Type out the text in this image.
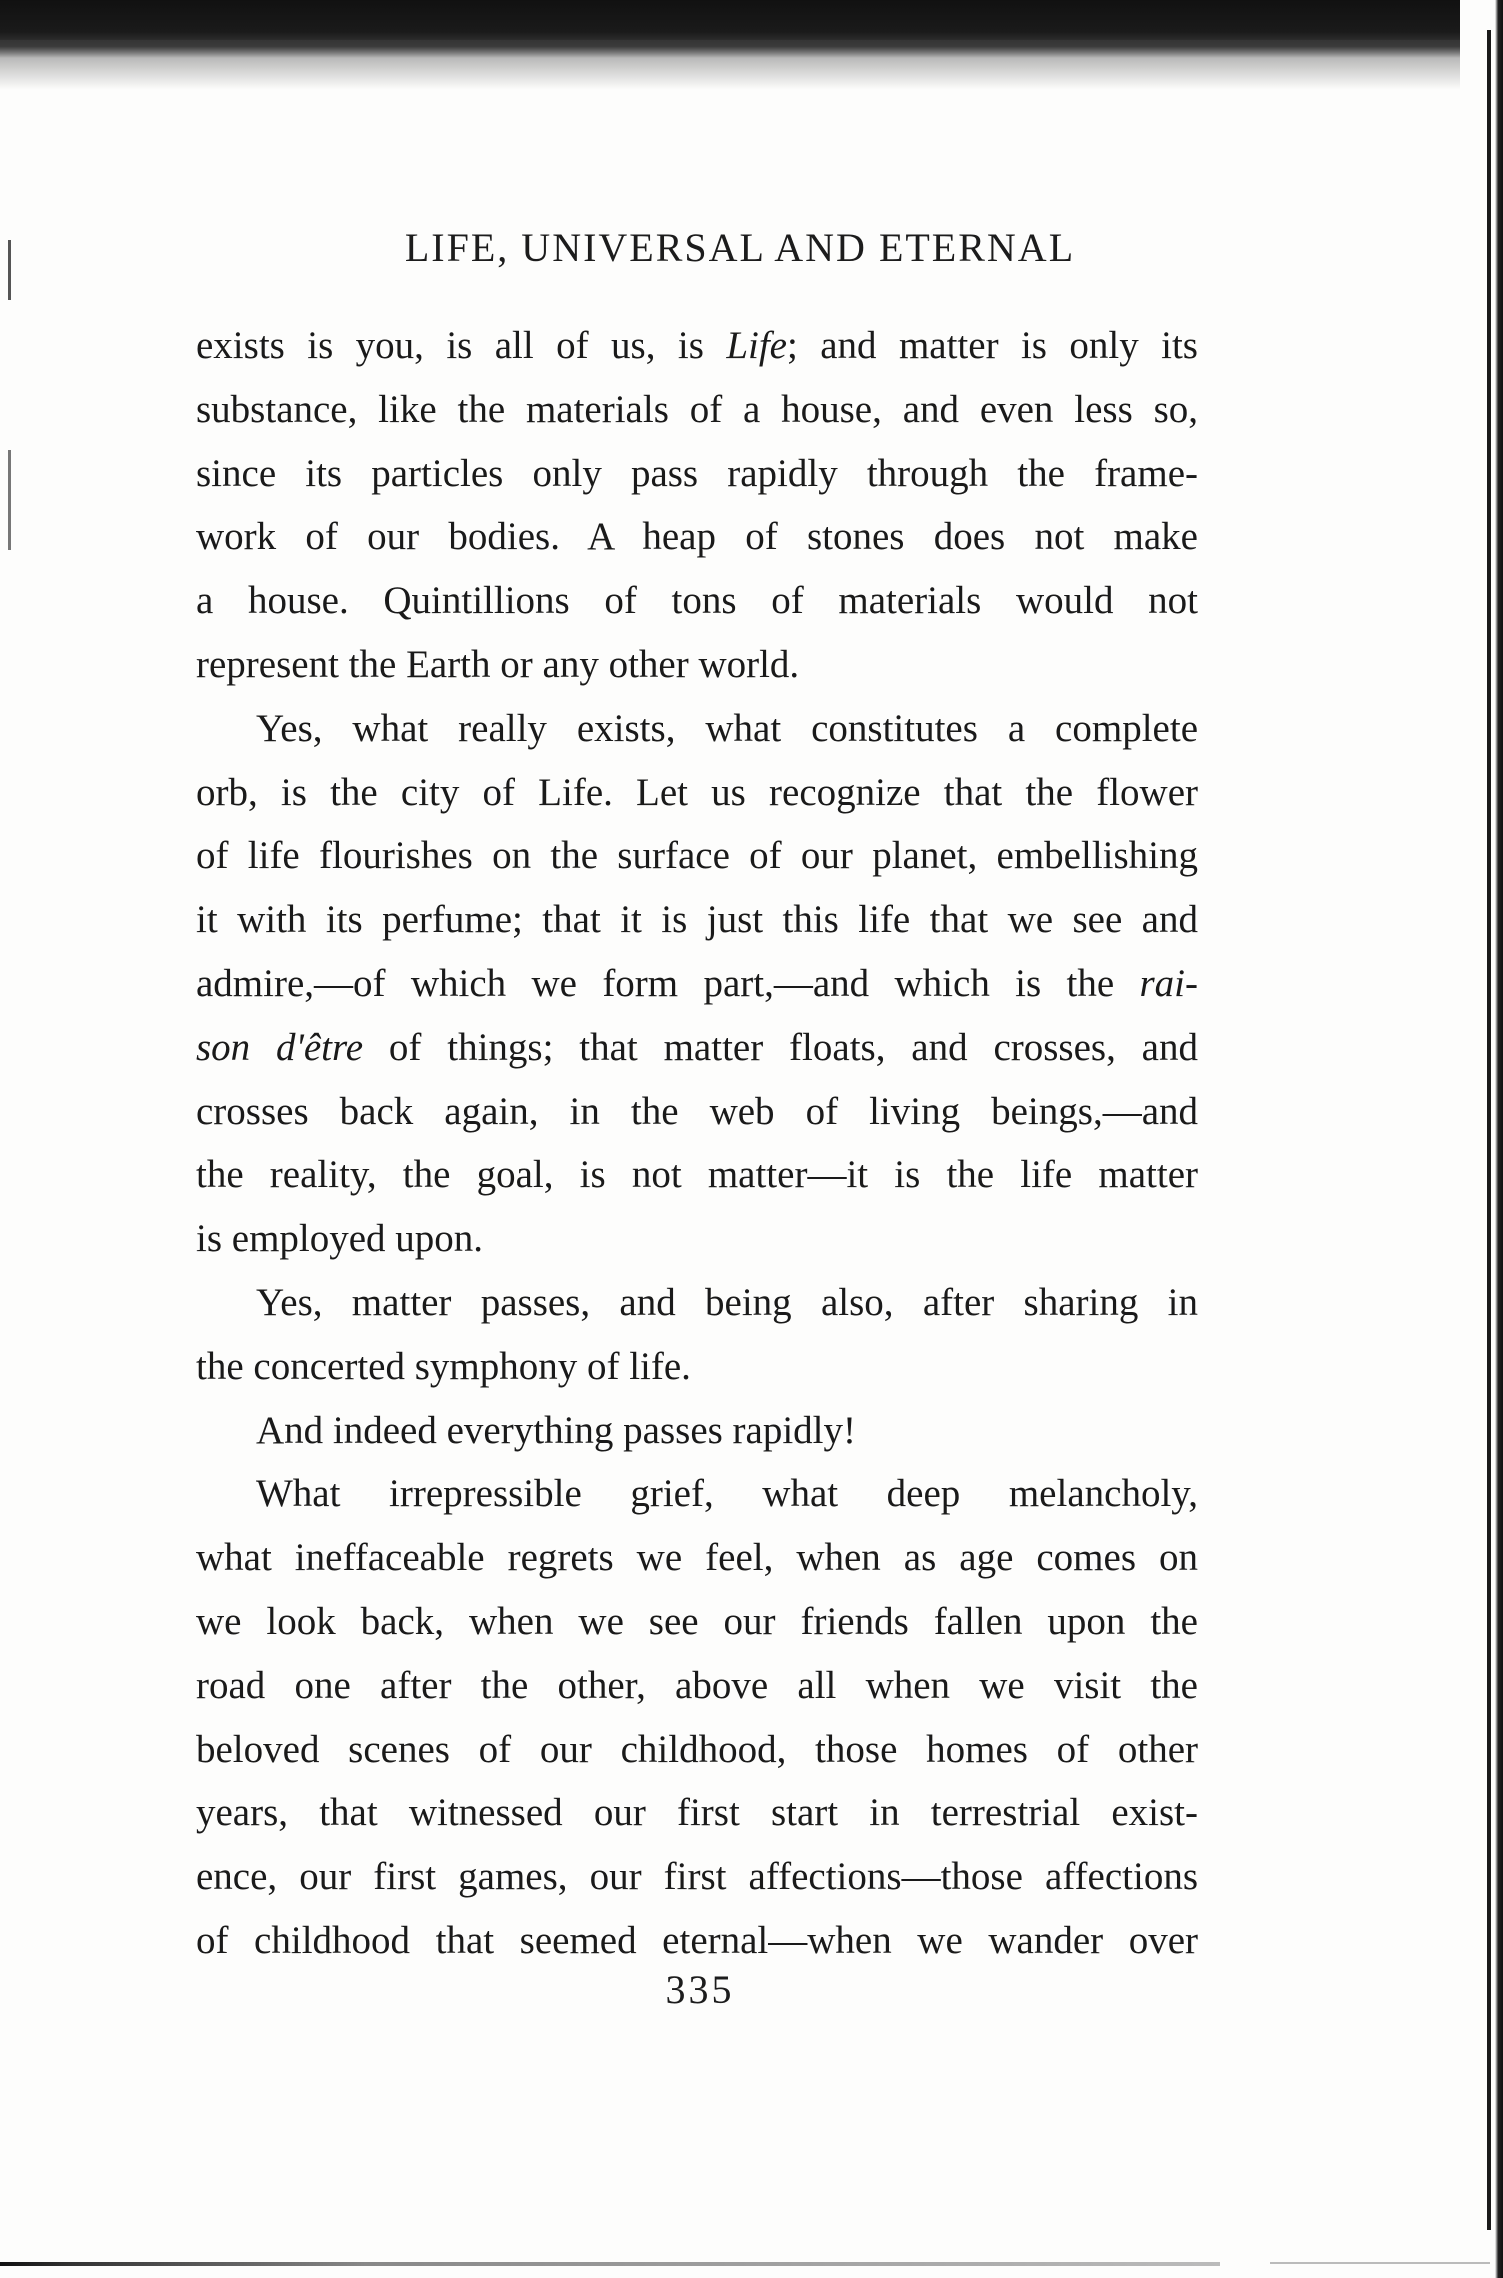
LIFE, UNIVERSAL AND ETERNAL
exists is you, is all of us, is Life; and matter is only its
substance, like the materials of a house, and even less so,
since its particles only pass rapidly through the frame-
work of our bodies. A heap of stones does not make
a house. Quintillions of tons of materials would not
represent the Earth or any other world.
Yes, what really exists, what constitutes a complete
orb, is the city of Life. Let us recognize that the flower
of life flourishes on the surface of our planet, embellishing
it with its perfume; that it is just this life that we see and
admire,—of which we form part,—and which is the rai-
son d'être of things; that matter floats, and crosses, and
crosses back again, in the web of living beings,—and
the reality, the goal, is not matter—it is the life matter
is employed upon.
Yes, matter passes, and being also, after sharing in
the concerted symphony of life.
And indeed everything passes rapidly!
What irrepressible grief, what deep melancholy,
what ineffaceable regrets we feel, when as age comes on
we look back, when we see our friends fallen upon the
road one after the other, above all when we visit the
beloved scenes of our childhood, those homes of other
years, that witnessed our first start in terrestrial exist-
ence, our first games, our first affections—those affections
of childhood that seemed eternal—when we wander over
335
